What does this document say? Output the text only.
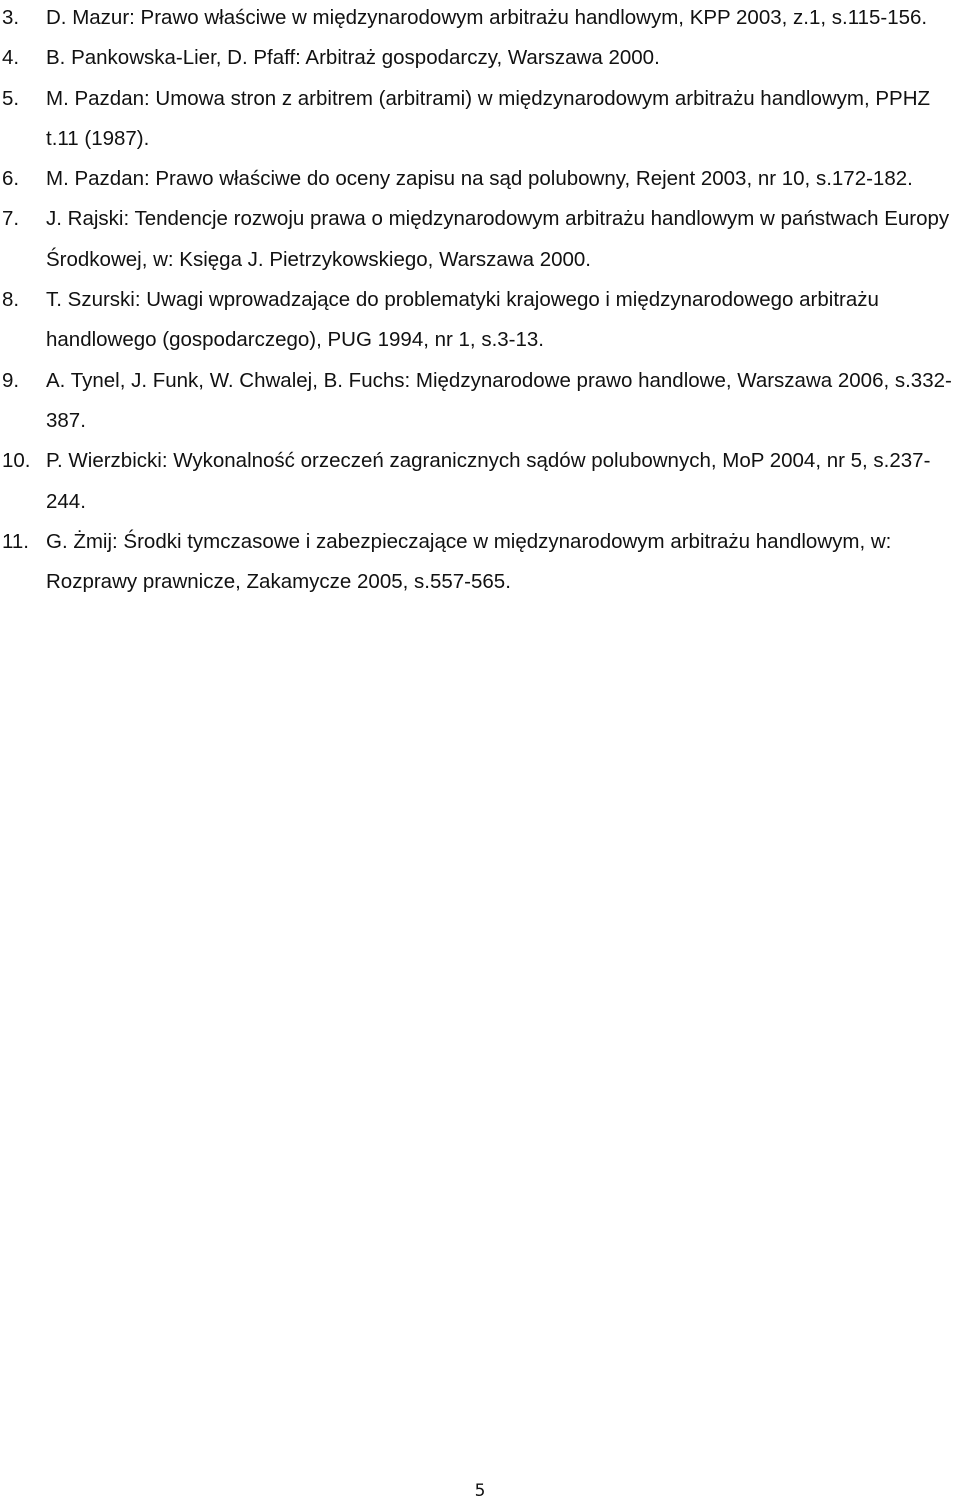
3. D. Mazur: Prawo właściwe w międzynarodowym arbitrażu handlowym, KPP 2003, z.1, s.115-156.
4. B. Pankowska-Lier, D. Pfaff: Arbitraż gospodarczy, Warszawa 2000.
5. M. Pazdan: Umowa stron z arbitrem (arbitrami) w międzynarodowym arbitrażu handlowym, PPHZ t.11 (1987).
6. M. Pazdan: Prawo właściwe do oceny zapisu na sąd polubowny, Rejent 2003, nr 10, s.172-182.
7. J. Rajski: Tendencje rozwoju prawa o międzynarodowym arbitrażu handlowym w państwach Europy Środkowej, w: Księga J. Pietrzykowskiego, Warszawa 2000.
8. T. Szurski: Uwagi wprowadzające do problematyki krajowego i międzynarodowego arbitrażu handlowego (gospodarczego), PUG 1994, nr 1, s.3-13.
9. A. Tynel, J. Funk, W. Chwalej, B. Fuchs: Międzynarodowe prawo handlowe, Warszawa 2006, s.332-387.
10. P. Wierzbicki: Wykonalność orzeczeń zagranicznych sądów polubownych, MoP 2004, nr 5, s.237-244.
11. G. Żmij: Środki tymczasowe i zabezpieczające w międzynarodowym arbitrażu handlowym, w: Rozprawy prawnicze, Zakamycze 2005, s.557-565.
5
